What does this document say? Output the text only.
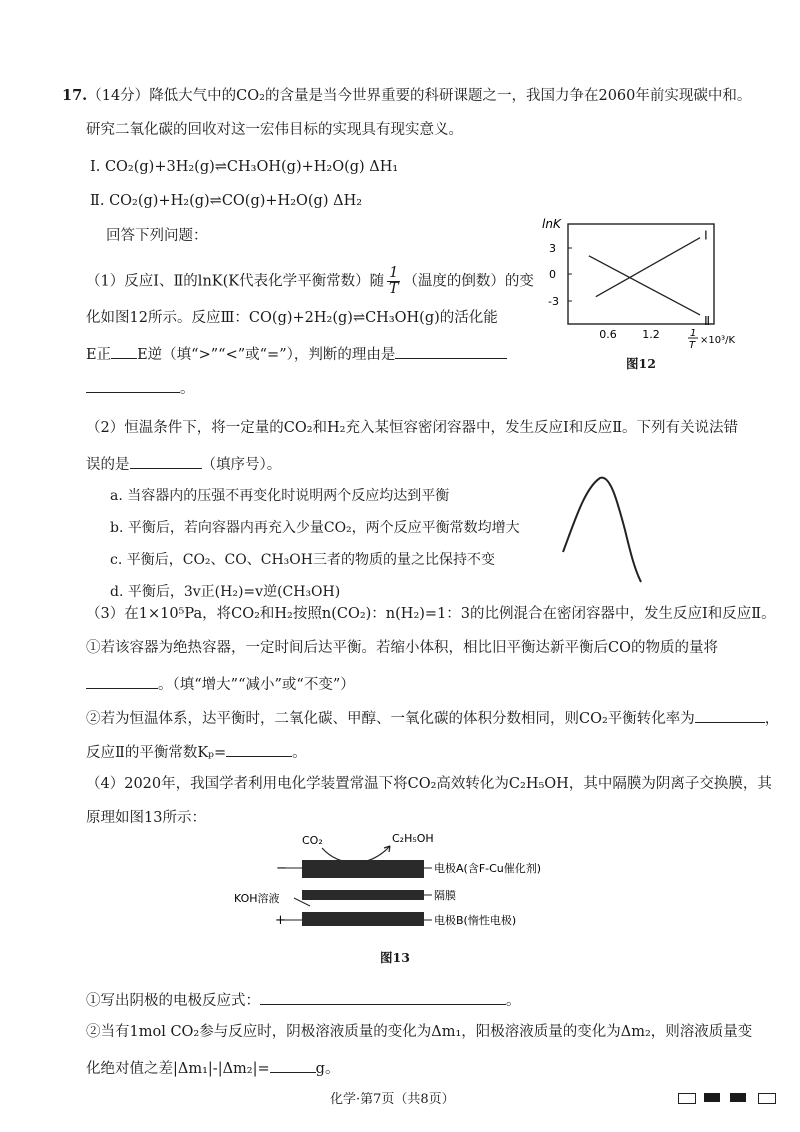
17.（14分）降低大气中的CO₂的含量是当今世界重要的科研课题之一，我国力争在2060年前实现碳中和。
研究二氧化碳的回收对这一宏伟目标的实现具有现实意义。
Ⅰ. CO₂(g)+3H₂(g)⇌CH₃OH(g)+H₂O(g) ΔH₁
Ⅱ. CO₂(g)+H₂(g)⇌CO(g)+H₂O(g) ΔH₂
回答下列问题：
（1）反应Ⅰ、Ⅱ的lnK(K代表化学平衡常数）随 $\frac{1}{T}$ （温度的倒数）的变
化如图12所示。反应Ⅲ：CO(g)+2H₂(g)⇌CH₃OH(g)的活化能
E正 E逆（填“>”“<”或“=”），判断的理由是
。
lnK
3
0
-3
0.6 1.2	1
T ×10³/K
Ⅰ
Ⅱ
图12
（2）恒温条件下，将一定量的CO₂和H₂充入某恒容密闭容器中，发生反应Ⅰ和反应Ⅱ。下列有关说法错
误的是	（填序号）。
a. 当容器内的压强不再变化时说明两个反应均达到平衡
b. 平衡后，若向容器内再充入少量CO₂，两个反应平衡常数均增大
c. 平衡后，CO₂、CO、CH₃OH三者的物质的量之比保持不变
d. 平衡后，3v正(H₂)=v逆(CH₃OH)
（3）在1×10⁵Pa，将CO₂和H₂按照n(CO₂)：n(H₂)=1：3的比例混合在密闭容器中，发生反应Ⅰ和反应Ⅱ。
①若该容器为绝热容器，一定时间后达平衡。若缩小体积，相比旧平衡达新平衡后CO的物质的量将
。（填“增大”“减小”或“不变”）
②若为恒温体系，达平衡时，二氧化碳、甲醇、一氧化碳的体积分数相同，则CO₂平衡转化率为	，
反应Ⅱ的平衡常数Kₚ=	。
（4）2020年，我国学者利用电化学装置常温下将CO₂高效转化为C₂H₅OH，其中隔膜为阴离子交换膜，其
原理如图13所示：
CO₂	C₂H₅OH
−
+
KOH溶液
电极A(含F-Cu催化剂)
隔膜
电极B(惰性电极)
图13
①写出阴极的电极反应式：	。
②当有1mol CO₂参与反应时，阴极溶液质量的变化为Δm₁，阳极溶液质量的变化为Δm₂，则溶液质量变
化绝对值之差|Δm₁|-|Δm₂|=	g。
化学·第7页（共8页）
